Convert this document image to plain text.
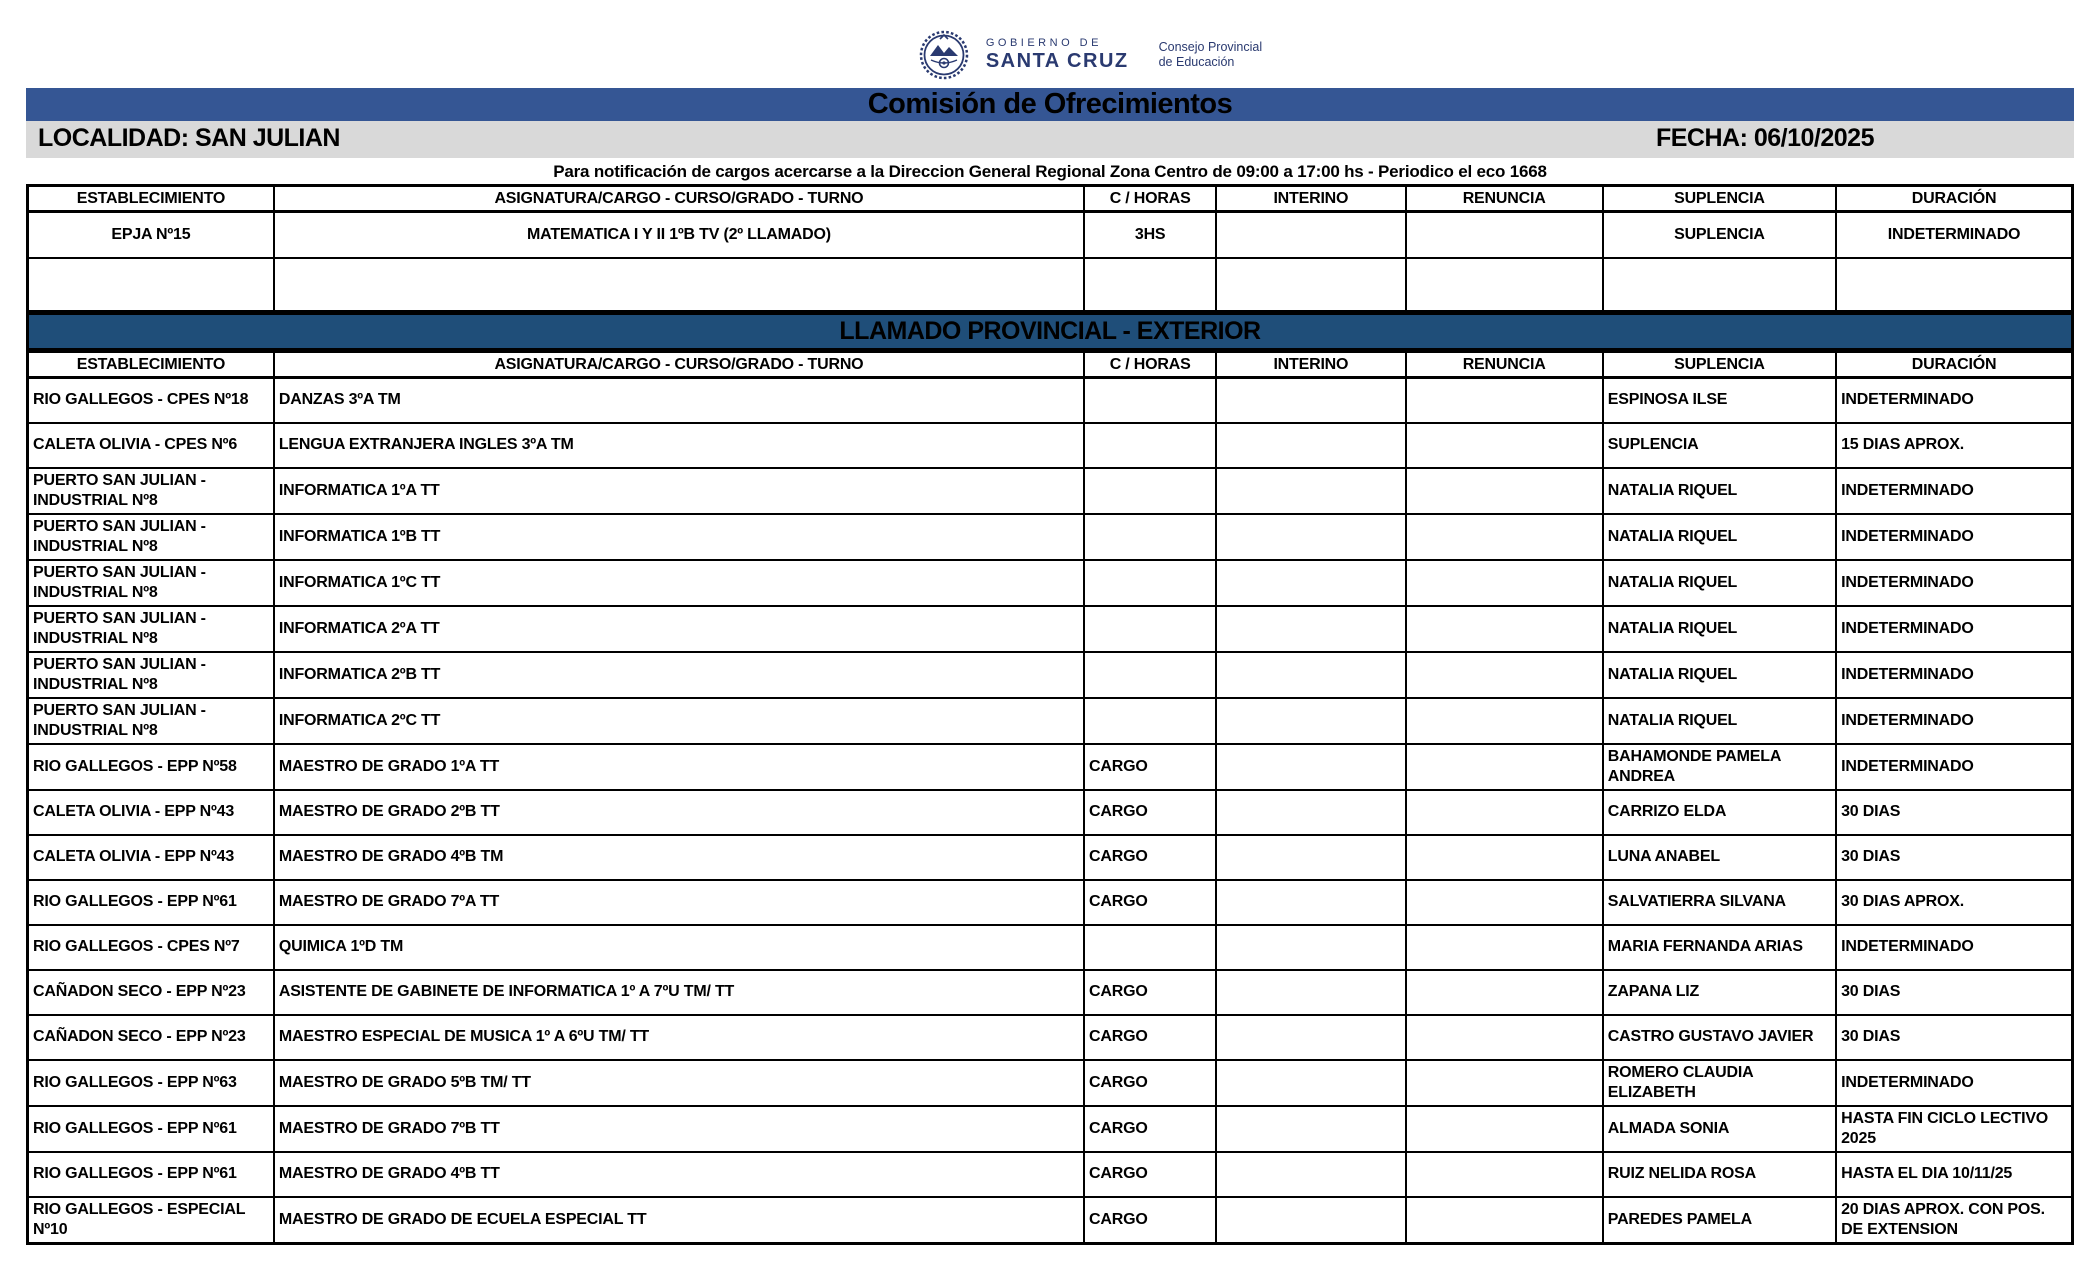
GOBIERNO DE
SANTA CRUZ
Consejo Provincial
de Educación
Comisión de Ofrecimientos
LOCALIDAD: SAN JULIAN	FECHA: 06/10/2025
Para notificación de cargos acercarse a la Direccion General Regional Zona Centro de 09:00 a 17:00 hs - Periodico el eco 1668
ESTABLECIMIENTO	ASIGNATURA/CARGO - CURSO/GRADO - TURNO	C / HORAS	INTERINO	RENUNCIA	SUPLENCIA	DURACIÓN
EPJA Nº15	MATEMATICA I Y II 1ºB TV (2º LLAMADO)	3HS			SUPLENCIA	INDETERMINADO

LLAMADO PROVINCIAL - EXTERIOR
ESTABLECIMIENTO	ASIGNATURA/CARGO - CURSO/GRADO - TURNO	C / HORAS	INTERINO	RENUNCIA	SUPLENCIA	DURACIÓN
RIO GALLEGOS - CPES Nº18	DANZAS 3ºA TM				ESPINOSA ILSE	INDETERMINADO
CALETA OLIVIA - CPES Nº6	LENGUA EXTRANJERA INGLES 3ºA TM				SUPLENCIA	15 DIAS APROX.
PUERTO SAN JULIAN - INDUSTRIAL Nº8	INFORMATICA 1ºA TT				NATALIA RIQUEL	INDETERMINADO
PUERTO SAN JULIAN - INDUSTRIAL Nº8	INFORMATICA 1ºB TT				NATALIA RIQUEL	INDETERMINADO
PUERTO SAN JULIAN - INDUSTRIAL Nº8	INFORMATICA 1ºC TT				NATALIA RIQUEL	INDETERMINADO
PUERTO SAN JULIAN - INDUSTRIAL Nº8	INFORMATICA 2ºA TT				NATALIA RIQUEL	INDETERMINADO
PUERTO SAN JULIAN - INDUSTRIAL Nº8	INFORMATICA 2ºB TT				NATALIA RIQUEL	INDETERMINADO
PUERTO SAN JULIAN - INDUSTRIAL Nº8	INFORMATICA 2ºC TT				NATALIA RIQUEL	INDETERMINADO
RIO GALLEGOS - EPP Nº58	MAESTRO DE GRADO 1ºA TT	CARGO			BAHAMONDE PAMELA ANDREA	INDETERMINADO
CALETA OLIVIA - EPP Nº43	MAESTRO DE GRADO 2ºB TT	CARGO			CARRIZO ELDA	30 DIAS
CALETA OLIVIA - EPP Nº43	MAESTRO DE GRADO 4ºB TM	CARGO			LUNA ANABEL	30 DIAS
RIO GALLEGOS - EPP Nº61	MAESTRO DE GRADO 7ºA TT	CARGO			SALVATIERRA SILVANA	30 DIAS APROX.
RIO GALLEGOS - CPES Nº7	QUIMICA 1ºD TM				MARIA FERNANDA ARIAS	INDETERMINADO
CAÑADON SECO - EPP Nº23	ASISTENTE DE GABINETE DE INFORMATICA 1º A 7ºU TM/ TT	CARGO			ZAPANA LIZ	30 DIAS
CAÑADON SECO - EPP Nº23	MAESTRO ESPECIAL DE MUSICA 1º A 6ºU TM/ TT	CARGO			CASTRO GUSTAVO JAVIER	30 DIAS
RIO GALLEGOS - EPP Nº63	MAESTRO DE GRADO 5ºB TM/ TT	CARGO			ROMERO CLAUDIA ELIZABETH	INDETERMINADO
RIO GALLEGOS - EPP Nº61	MAESTRO DE GRADO 7ºB TT	CARGO			ALMADA SONIA	HASTA FIN CICLO LECTIVO 2025
RIO GALLEGOS - EPP Nº61	MAESTRO DE GRADO 4ºB TT	CARGO			RUIZ NELIDA ROSA	HASTA EL DIA 10/11/25
RIO GALLEGOS - ESPECIAL Nº10	MAESTRO DE GRADO DE ECUELA ESPECIAL TT	CARGO			PAREDES PAMELA	20 DIAS APROX. CON POS. DE EXTENSION
